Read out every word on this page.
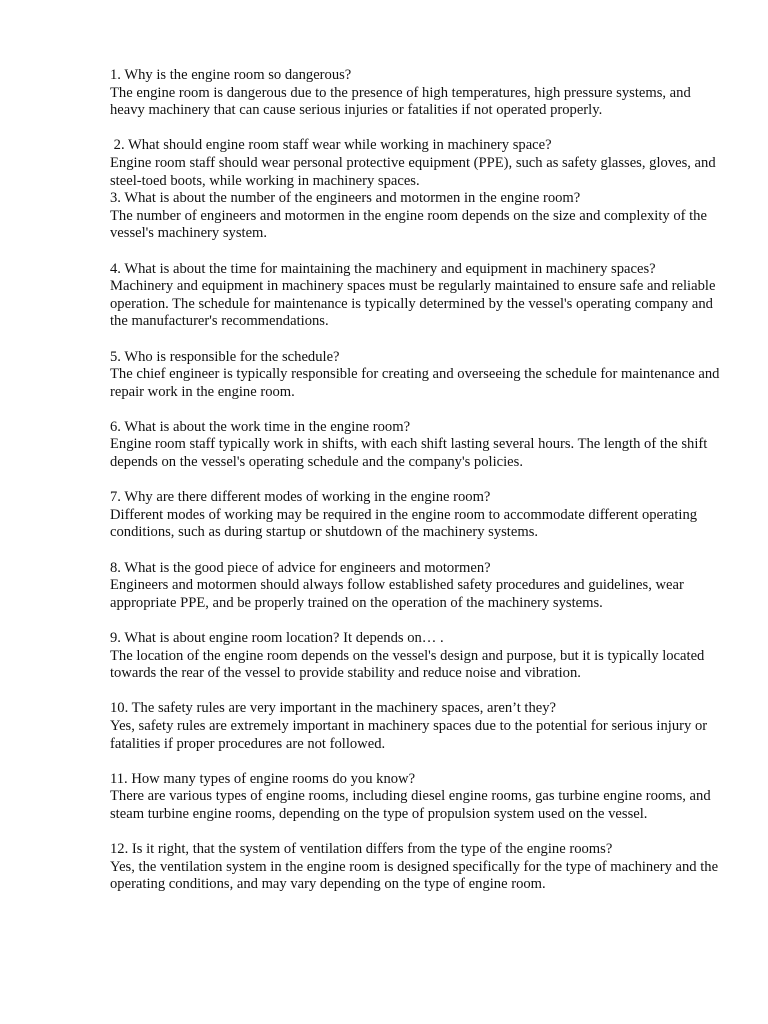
1. Why is the engine room so dangerous?
The engine room is dangerous due to the presence of high temperatures, high pressure systems, and heavy machinery that can cause serious injuries or fatalities if not operated properly.
2. What should engine room staff wear while working in machinery space?
Engine room staff should wear personal protective equipment (PPE), such as safety glasses, gloves, and steel-toed boots, while working in machinery spaces.
3. What is about the number of the engineers and motormen in the engine room?
The number of engineers and motormen in the engine room depends on the size and complexity of the vessel's machinery system.
4. What is about the time for maintaining the machinery and equipment in machinery spaces?
Machinery and equipment in machinery spaces must be regularly maintained to ensure safe and reliable operation. The schedule for maintenance is typically determined by the vessel's operating company and the manufacturer's recommendations.
5. Who is responsible for the schedule?
The chief engineer is typically responsible for creating and overseeing the schedule for maintenance and repair work in the engine room.
6. What is about the work time in the engine room?
Engine room staff typically work in shifts, with each shift lasting several hours. The length of the shift depends on the vessel's operating schedule and the company's policies.
7. Why are there different modes of working in the engine room?
Different modes of working may be required in the engine room to accommodate different operating conditions, such as during startup or shutdown of the machinery systems.
8. What is the good piece of advice for engineers and motormen?
Engineers and motormen should always follow established safety procedures and guidelines, wear appropriate PPE, and be properly trained on the operation of the machinery systems.
9. What is about engine room location? It depends on… .
The location of the engine room depends on the vessel's design and purpose, but it is typically located towards the rear of the vessel to provide stability and reduce noise and vibration.
10. The safety rules are very important in the machinery spaces, aren’t they?
Yes, safety rules are extremely important in machinery spaces due to the potential for serious injury or fatalities if proper procedures are not followed.
11. How many types of engine rooms do you know?
There are various types of engine rooms, including diesel engine rooms, gas turbine engine rooms, and steam turbine engine rooms, depending on the type of propulsion system used on the vessel.
12. Is it right, that the system of ventilation differs from the type of the engine rooms?
Yes, the ventilation system in the engine room is designed specifically for the type of machinery and the operating conditions, and may vary depending on the type of engine room.
